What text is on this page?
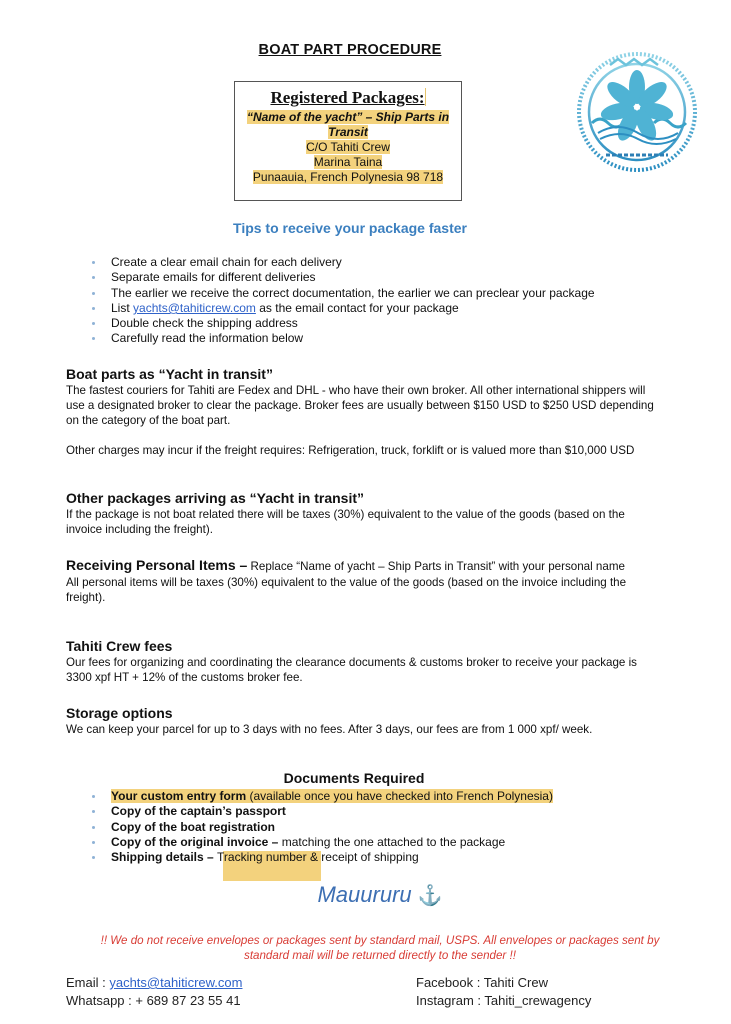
BOAT PART PROCEDURE
Registered Packages:
“Name of the yacht” – Ship Parts in
Transit
C/O Tahiti Crew
Marina Taina
Punaauia, French Polynesia 98 718
Tips to receive your package faster
Create a clear email chain for each delivery
Separate emails for different deliveries
The earlier we receive the correct documentation, the earlier we can preclear your package
List yachts@tahiticrew.com as the email contact for your package
Double check the shipping address
Carefully read the information below
Boat parts as “Yacht in transit”

The fastest couriers for Tahiti are Fedex and DHL - who have their own broker. All other international shippers will use a designated broker to clear the package. Broker fees are usually between $150 USD to $250 USD depending on the category of the boat part.

Other charges may incur if the freight requires: Refrigeration, truck, forklift or is valued more than $10,000 USD

Other packages arriving as “Yacht in transit”

If the package is not boat related there will be taxes (30%) equivalent to the value of the goods (based on the invoice including the freight).

Receiving Personal Items – Replace “Name of yacht – Ship Parts in Transit” with your personal name

All personal items will be taxes (30%) equivalent to the value of the goods (based on the invoice including the freight).

Tahiti Crew fees

Our fees for organizing and coordinating the clearance documents & customs broker to receive your package is 3300 xpf HT + 12% of the customs broker fee.

Storage options

We can keep your parcel for up to 3 days with no fees. After 3 days, our fees are from 1 000 xpf/ week.

Documents Required
Your custom entry form (available once you have checked into French Polynesia)
Copy of the captain’s passport
Copy of the boat registration
Copy of the original invoice – matching the one attached to the package
Shipping details – Tracking number & receipt of shipping
Mauururu ⚓
!! We do not receive envelopes or packages sent by standard mail, USPS. All envelopes or packages sent by standard mail will be returned directly to the sender !!
Email : yachts@tahiticrew.com
Whatsapp : + 689 87 23 55 41
Facebook : Tahiti Crew
Instagram : Tahiti_crewagency
